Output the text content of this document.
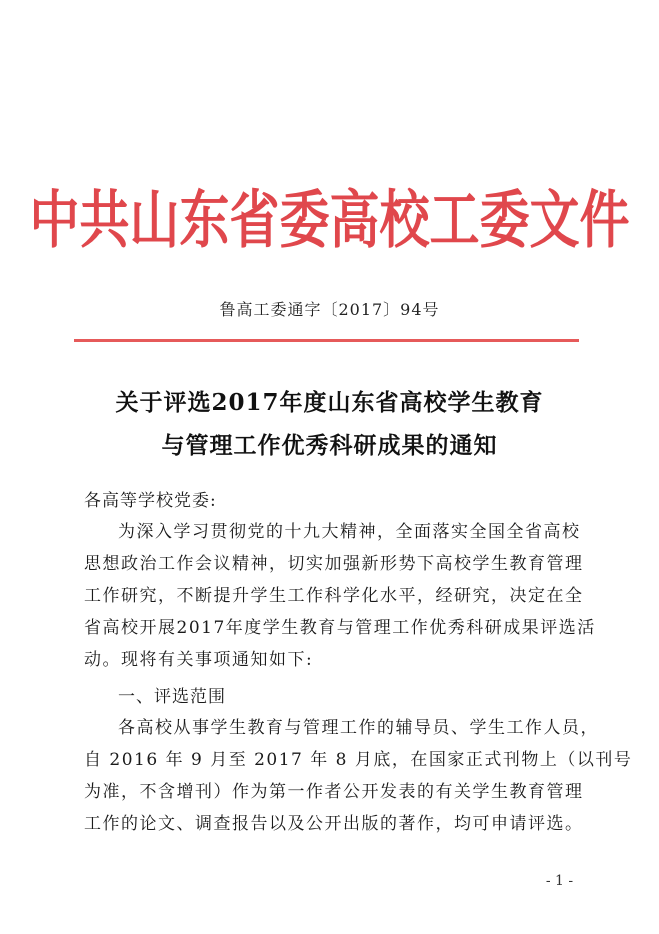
中共山东省委高校工委文件
鲁高工委通字〔2017〕94号
关于评选2017年度山东省高校学生教育
与管理工作优秀科研成果的通知
各高等学校党委:
为深入学习贯彻党的十九大精神，全面落实全国全省高校
思想政治工作会议精神，切实加强新形势下高校学生教育管理
工作研究，不断提升学生工作科学化水平，经研究，决定在全
省高校开展2017年度学生教育与管理工作优秀科研成果评选活
动。现将有关事项通知如下:
一、评选范围
各高校从事学生教育与管理工作的辅导员、学生工作人员，
自 2016 年 9 月至 2017 年 8 月底，在国家正式刊物上（以刊号
为准，不含增刊）作为第一作者公开发表的有关学生教育管理
工作的论文、调查报告以及公开出版的著作，均可申请评选。
- 1 -
